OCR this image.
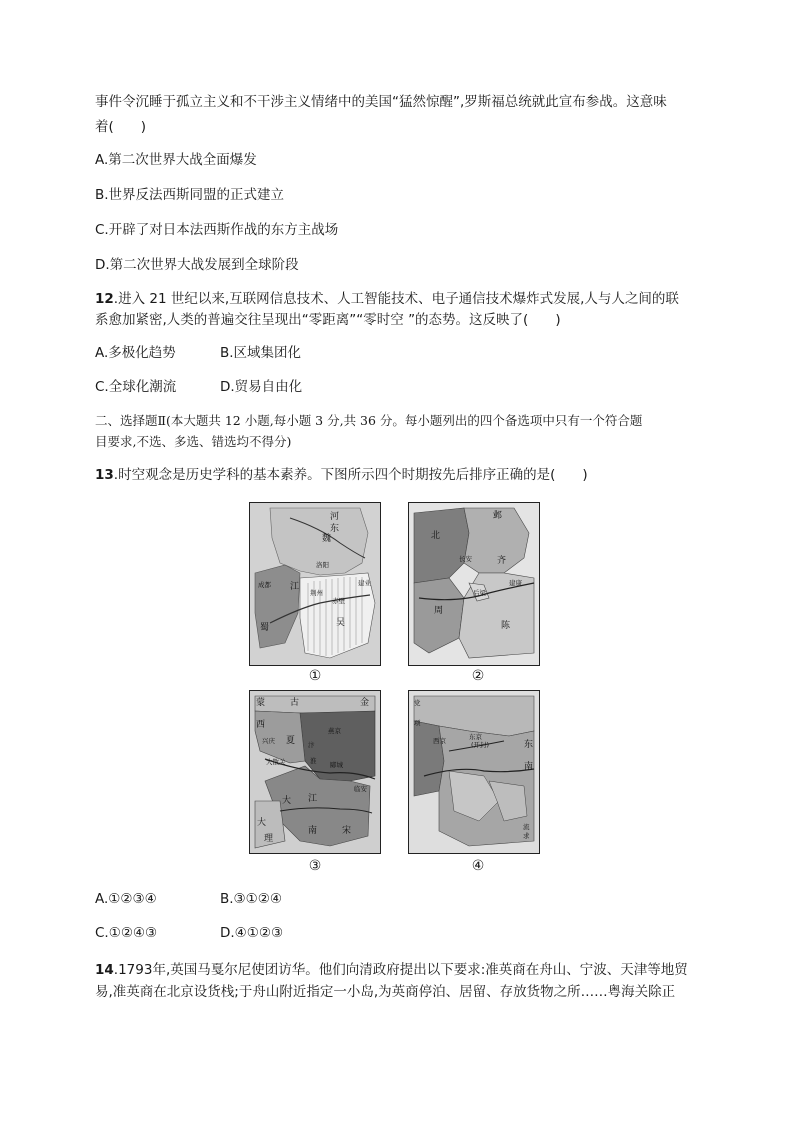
事件令沉睡于孤立主义和不干涉主义情绪中的美国“猛然惊醒”,罗斯福总统就此宣布参战。这意味
着(　　)
A.第二次世界大战全面爆发
B.世界反法西斯同盟的正式建立
C.开辟了对日本法西斯作战的东方主战场
D.第二次世界大战发展到全球阶段
12.进入 21 世纪以来,互联网信息技术、人工智能技术、电子通信技术爆炸式发展,人与人之间的联
系愈加紧密,人类的普遍交往呈现出“零距离”“零时空 ”的态势。这反映了(　　)
A.多极化趋势	B.区域集团化
C.全球化潮流	D.贸易自由化
二、选择题Ⅱ(本大题共 12 小题,每小题 3 分,共 36 分。每小题列出的四个备选项中只有一个符合题
目要求,不选、多选、错选均不得分)
13.时空观念是历史学科的基本素养。下图所示四个时期按先后排序正确的是(　　)
魏
河
东
洛阳
蜀
成都 江
吴
荆州
赤壁
建业
①
北
邺
长安	齐
周
后梁
建康
陈
②
蒙	古	金
西
兴庆 夏
燕京
汴
大散关	淮 郾城
大 江
南	宋
临安
大
理
③
党
项
西京	东京
(开封)	东
南
流
求
④
A.①②③④	B.③①②④
C.①②④③	D.④①②③
14.1793年,英国马戛尔尼使团访华。他们向清政府提出以下要求:准英商在舟山、宁波、天津等地贸
易,准英商在北京设货栈;于舟山附近指定一小岛,为英商停泊、居留、存放货物之所……粤海关除正
